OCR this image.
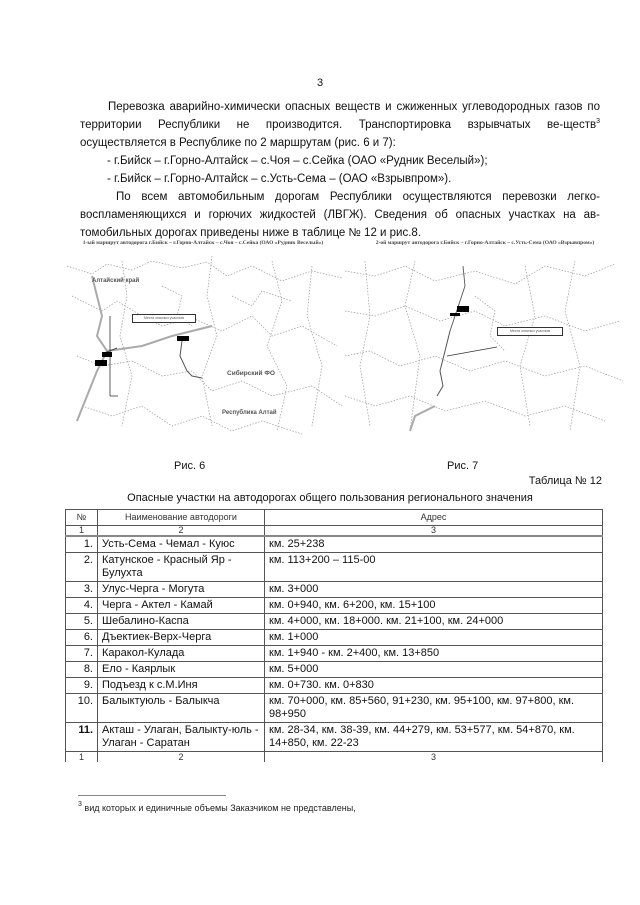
3
Перевозка аварийно-химически опасных веществ и сжиженных углеводородных газов по территории Республики не производится. Транспортировка взрывчатых ве-ществ$^3$ осуществляется в Республике по 2 маршрутам (рис. 6 и 7):
- г.Бийск – г.Горно-Алтайск – с.Чоя – с.Сейка (ОАО «Рудник Веселый»);
- г.Бийск – г.Горно-Алтайск – с.Усть-Сема – (ОАО «Взрывпром»).
По всем автомобильным дорогам Республики осуществляются перевозки легко-воспламеняющихся и горючих жидкостей (ЛВГЖ). Сведения об опасных участках на ав-томобильных дорогах приведены ниже в таблице № 12 и рис.8.
1-ый маршрут автодорога г.Бийск – г.Горно-Алтайск – с.Чоя – с.Сейка (ОАО «Рудник Веселый»)
Алтайский край
Сибирский ФО
Республика Алтай
Места опасных участков
2-ой маршрут автодорога г.Бийск – г.Горно-Алтайск – с.Усть-Сема (ОАО «Взрывпром»)
Места опасных участков
Рис. 6	Рис. 7
Таблица № 12
Опасные участки на автодорогах общего пользования регионального значения
№	Наименование автодороги	Адрес
1	2	3
1.	Усть-Сема - Чемал - Куюс	км. 25+238
2.	Катунское - Красный Яр - Булухта	км. 113+200 – 115-00
3.	Улус-Черга - Могута	км. 3+000
4.	Черга - Актел - Камай	км. 0+940, км. 6+200, км. 15+100
5.	Шебалино-Каспа	км. 4+000, км. 18+000. км. 21+100, км. 24+000
6.	Дъектиек-Верх-Черга	км. 1+000
7.	Каракол-Кулада	км. 1+940 - км. 2+400, км. 13+850
8.	Ело - Каярлык	км. 5+000
9.	Подъезд к с.М.Иня	км. 0+730. км. 0+830
10.	Балыктуюль - Балыкча	км. 70+000, км. 85+560, 91+230, км. 95+100, км. 97+800, км. 98+950
11.	Акташ - Улаган, Балыкту-юль - Улаган - Саратан	км. 28-34, км. 38-39, км. 44+279, км. 53+577, км. 54+870, км. 14+850, км. 22-23
1	2	3
$^3$ вид которых и единичные объемы Заказчиком не представлены,
